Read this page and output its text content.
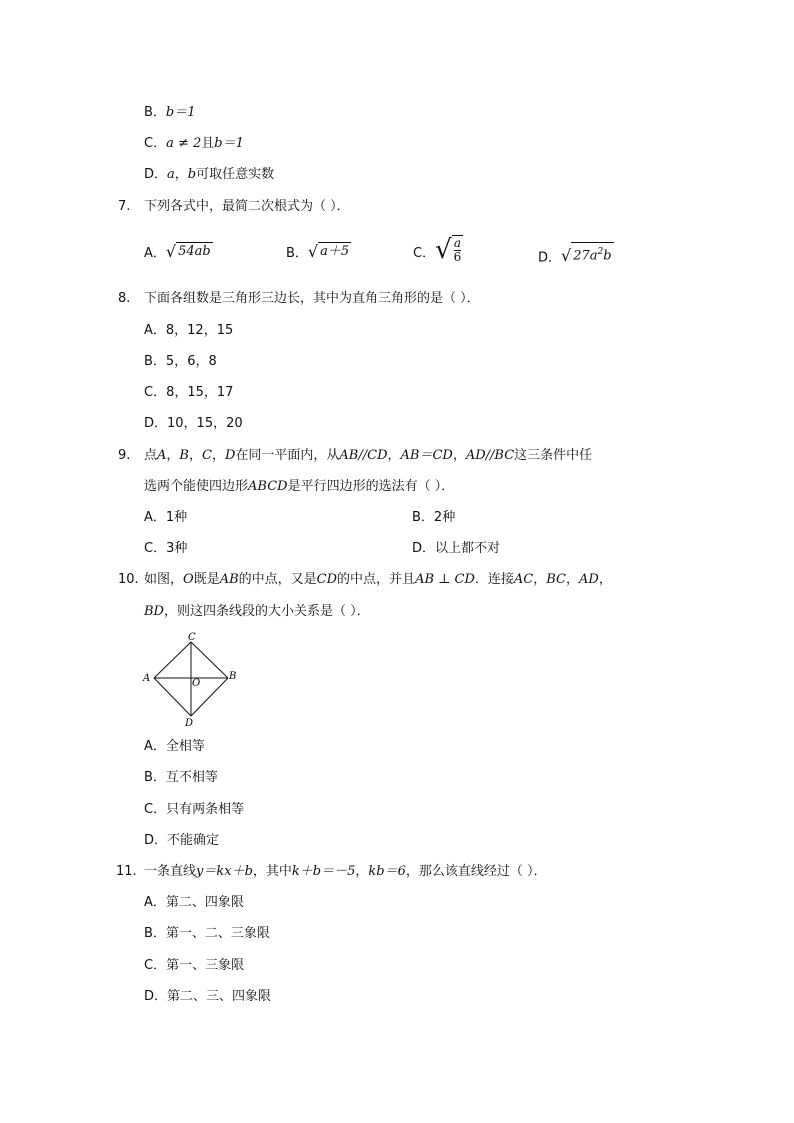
B．b＝1
C．a ≠ 2且b＝1
D．a，b可取任意实数
7. 下列各式中，最简二次根式为（ ）．
A． √ 54ab	B． √ a＋5	C． √ $\frac{a}{6}$	D． √ $27a^2b$
8. 下面各组数是三角形三边长，其中为直角三角形的是（ ）．
A．8，12，15
B．5，6，8
C．8，15，17
D．10，15，20
9. 点A，B，C，D在同一平面内，从AB//CD，AB＝CD，AD//BC这三条件中任
选两个能使四边形ABCD是平行四边形的选法有（ ）．
A．1种	B．2种
C．3种	D．以上都不对
10. 如图，O既是AB的中点，又是CD的中点，并且AB ⊥ CD．连接AC，BC，AD，
BD，则这四条线段的大小关系是（ ）．
C
A	O
B
D
A．全相等
B．互不相等
C．只有两条相等
D．不能确定
11. 一条直线y＝kx＋b，其中k＋b＝－5，kb＝6，那么该直线经过（ ）．
A．第二、四象限
B．第一、二、三象限
C．第一、三象限
D．第二、三、四象限
